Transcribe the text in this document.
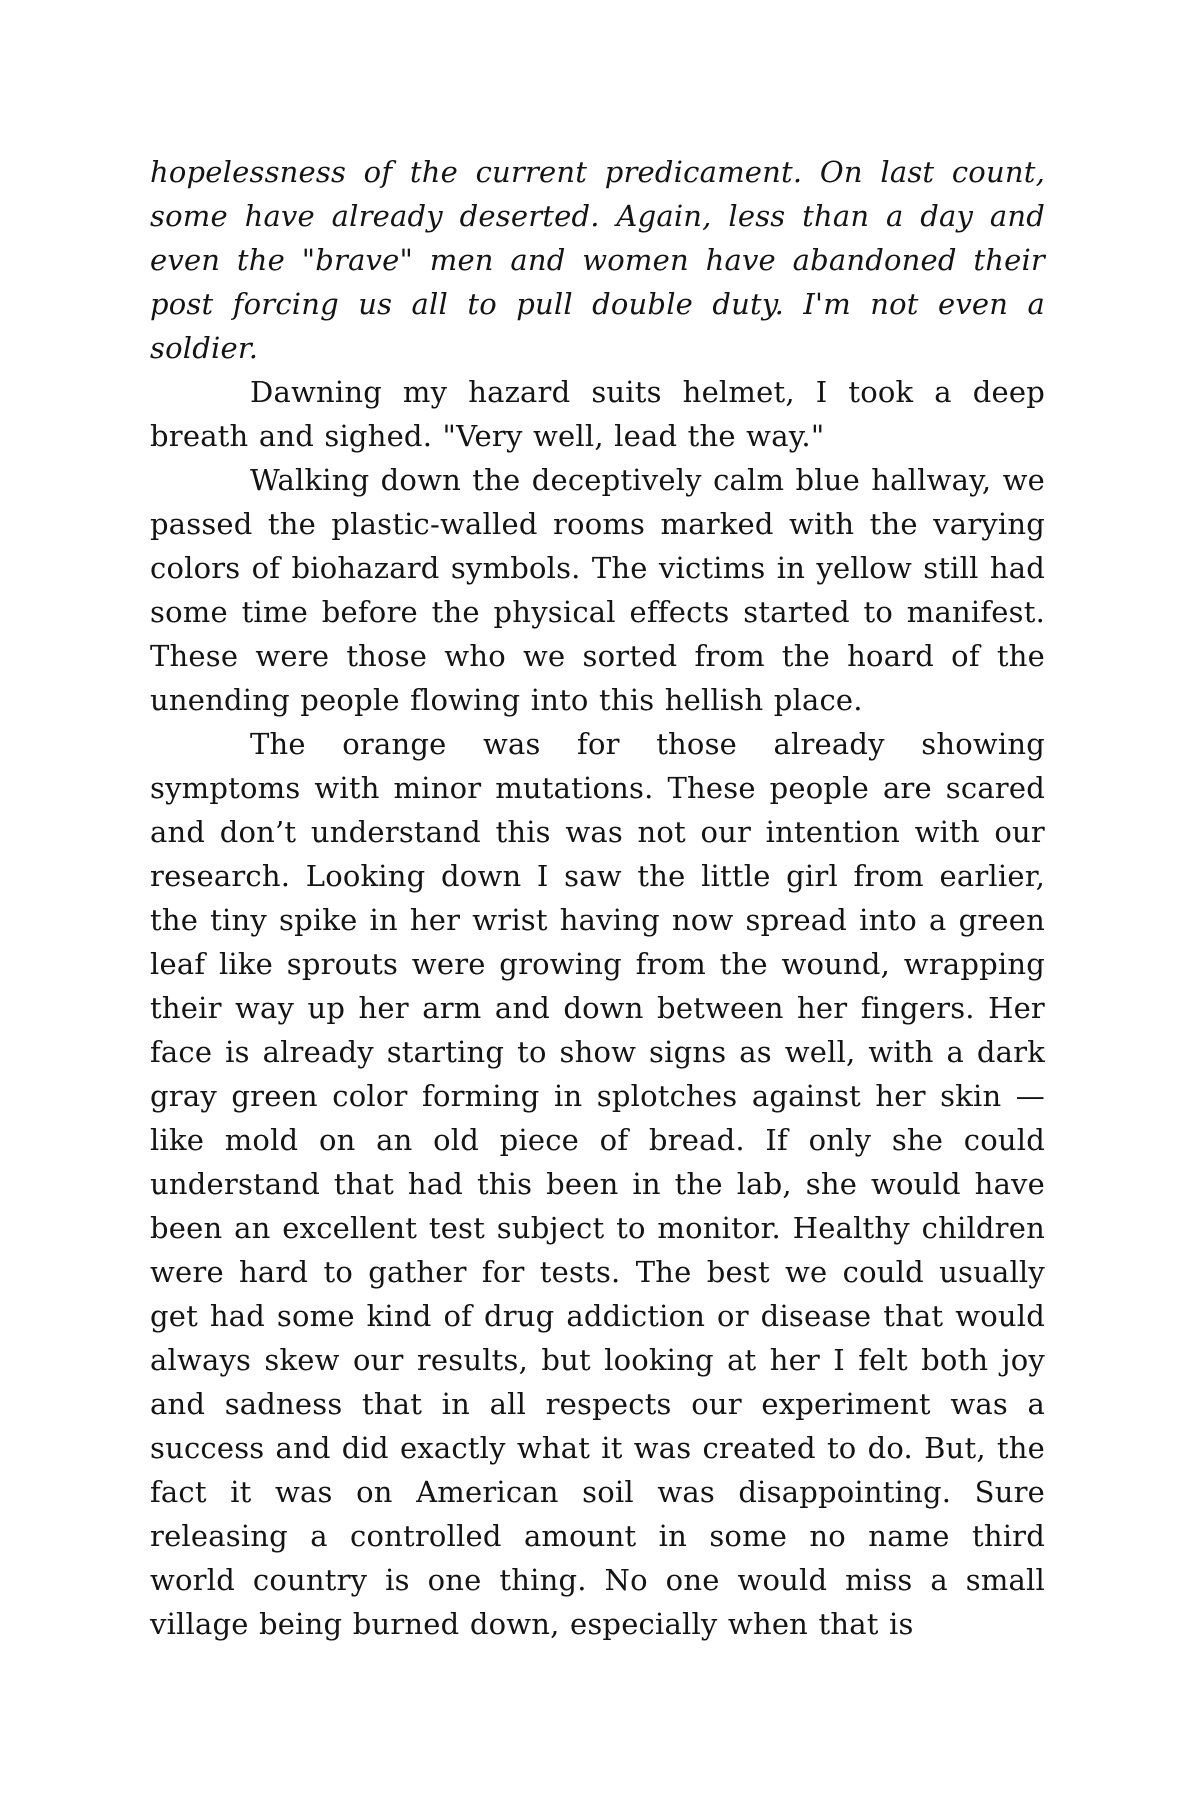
hopelessness of the current predicament. On last count, some have already deserted. Again, less than a day and even the "brave" men and women have abandoned their post forcing us all to pull double duty. I'm not even a soldier.

Dawning my hazard suits helmet, I took a deep breath and sighed. "Very well, lead the way."

Walking down the deceptively calm blue hallway, we passed the plastic-walled rooms marked with the varying colors of biohazard symbols. The victims in yellow still had some time before the physical effects started to manifest. These were those who we sorted from the hoard of the unending people flowing into this hellish place.

The orange was for those already showing symptoms with minor mutations. These people are scared and don’t understand this was not our intention with our research. Looking down I saw the little girl from earlier, the tiny spike in her wrist having now spread into a green leaf like sprouts were growing from the wound, wrapping their way up her arm and down between her fingers. Her face is already starting to show signs as well, with a dark gray green color forming in splotches against her skin — like mold on an old piece of bread. If only she could understand that had this been in the lab, she would have been an excellent test subject to monitor. Healthy children were hard to gather for tests. The best we could usually get had some kind of drug addiction or disease that would always skew our results, but looking at her I felt both joy and sadness that in all respects our experiment was a success and did exactly what it was created to do. But, the fact it was on American soil was disappointing. Sure releasing a controlled amount in some no name third world country is one thing. No one would miss a small village being burned down, especially when that is
